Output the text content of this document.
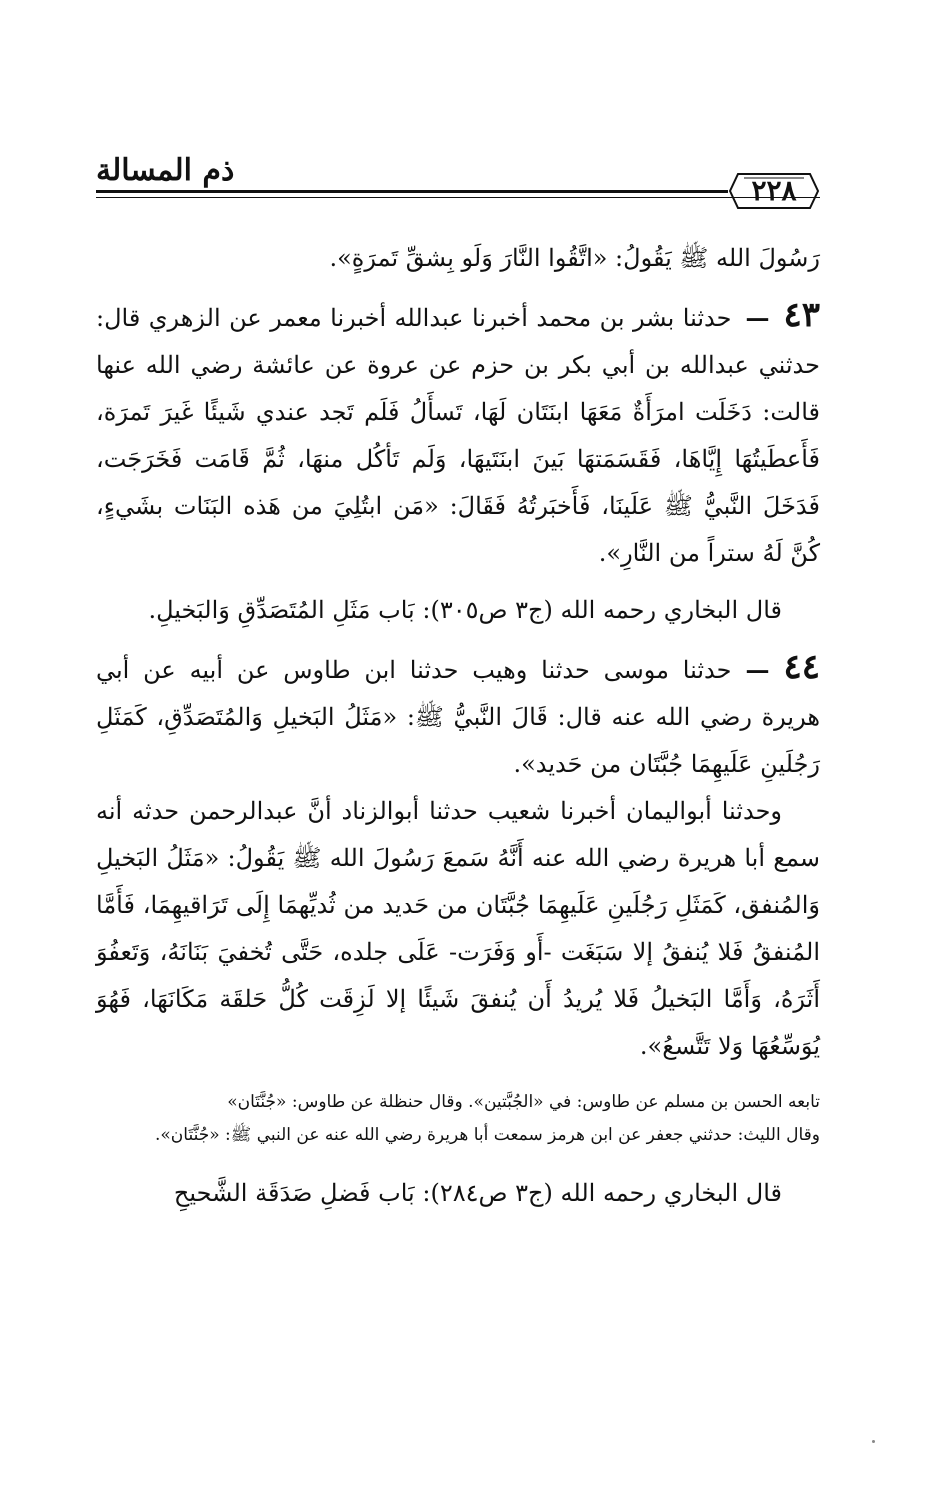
٢٢٨
ذم المسالة

رَسُولَ الله ﷺ يَقُولُ: «اتَّقُوا النَّارَ وَلَو بِشقِّ تَمرَةٍ».

٤٣—حدثنا بشر بن محمد أخبرنا عبدالله أخبرنا معمر عن الزهري قال: حدثني عبدالله بن أبي بكر بن حزم عن عروة عن عائشة رضي الله عنها قالت: دَخَلَت امرَأَةٌ مَعَهَا ابنَتَان لَهَا، تَسأَلُ فَلَم تَجد عندي شَيئًا غَيرَ تَمرَة، فَأَعطَيتُهَا إِيَّاهَا، فَقَسَمَتهَا بَينَ ابنَتَيهَا، وَلَم تَأكُل منهَا، ثُمَّ قَامَت فَخَرَجَت، فَدَخَلَ النَّبيُّ ﷺ عَلَينَا، فَأَخبَرتُهُ فَقَالَ: «مَن ابتُلِيَ من هَذه البَنَات بشَيءٍ، كُنَّ لَهُ ستراً من النَّارِ».

قال البخاري رحمه الله (ج٣ ص٣٠٥): بَاب مَثَلِ المُتَصَدِّقِ وَالبَخيلِ.

٤٤—حدثنا موسى حدثنا وهيب حدثنا ابن طاوس عن أبيه عن أبي هريرة رضي الله عنه قال: قَالَ النَّبيُّ ﷺ: «مَثَلُ البَخيلِ وَالمُتَصَدِّقِ، كَمَثَلِ رَجُلَينِ عَلَيهِمَا جُبَّتَان من حَديد».

وحدثنا أبواليمان أخبرنا شعيب حدثنا أبوالزناد أنَّ عبدالرحمن حدثه أنه سمع أبا هريرة رضي الله عنه أَنَّهُ سَمعَ رَسُولَ الله ﷺ يَقُولُ: «مَثَلُ البَخيلِ وَالمُنفق، كَمَثَلِ رَجُلَينِ عَلَيهِمَا جُبَّتَان من حَديد من ثُديِّهمَا إِلَى تَرَاقيهِمَا، فَأَمَّا المُنفقُ فَلا يُنفقُ إلا سَبَغَت -أَو وَفَرَت- عَلَى جلده، حَتَّى تُخفيَ بَنَانَهُ، وَتَعفُوَ أَثَرَهُ، وَأَمَّا البَخيلُ فَلا يُريدُ أَن يُنفقَ شَيئًا إلا لَزِقَت كُلُّ حَلقَة مَكَانَهَا، فَهُوَ يُوَسِّعُهَا وَلا تَتَّسعُ».

تابعه الحسن بن مسلم عن طاوس: في «الجُبَّتين». وقال حنظلة عن طاوس: «جُنَّتَان»

وقال الليث: حدثني جعفر عن ابن هرمز سمعت أبا هريرة رضي الله عنه عن النبي ﷺ: «جُنَّتَان».

قال البخاري رحمه الله (ج٣ ص٢٨٤): بَاب فَضلِ صَدَقَة الشَّحيحِ
